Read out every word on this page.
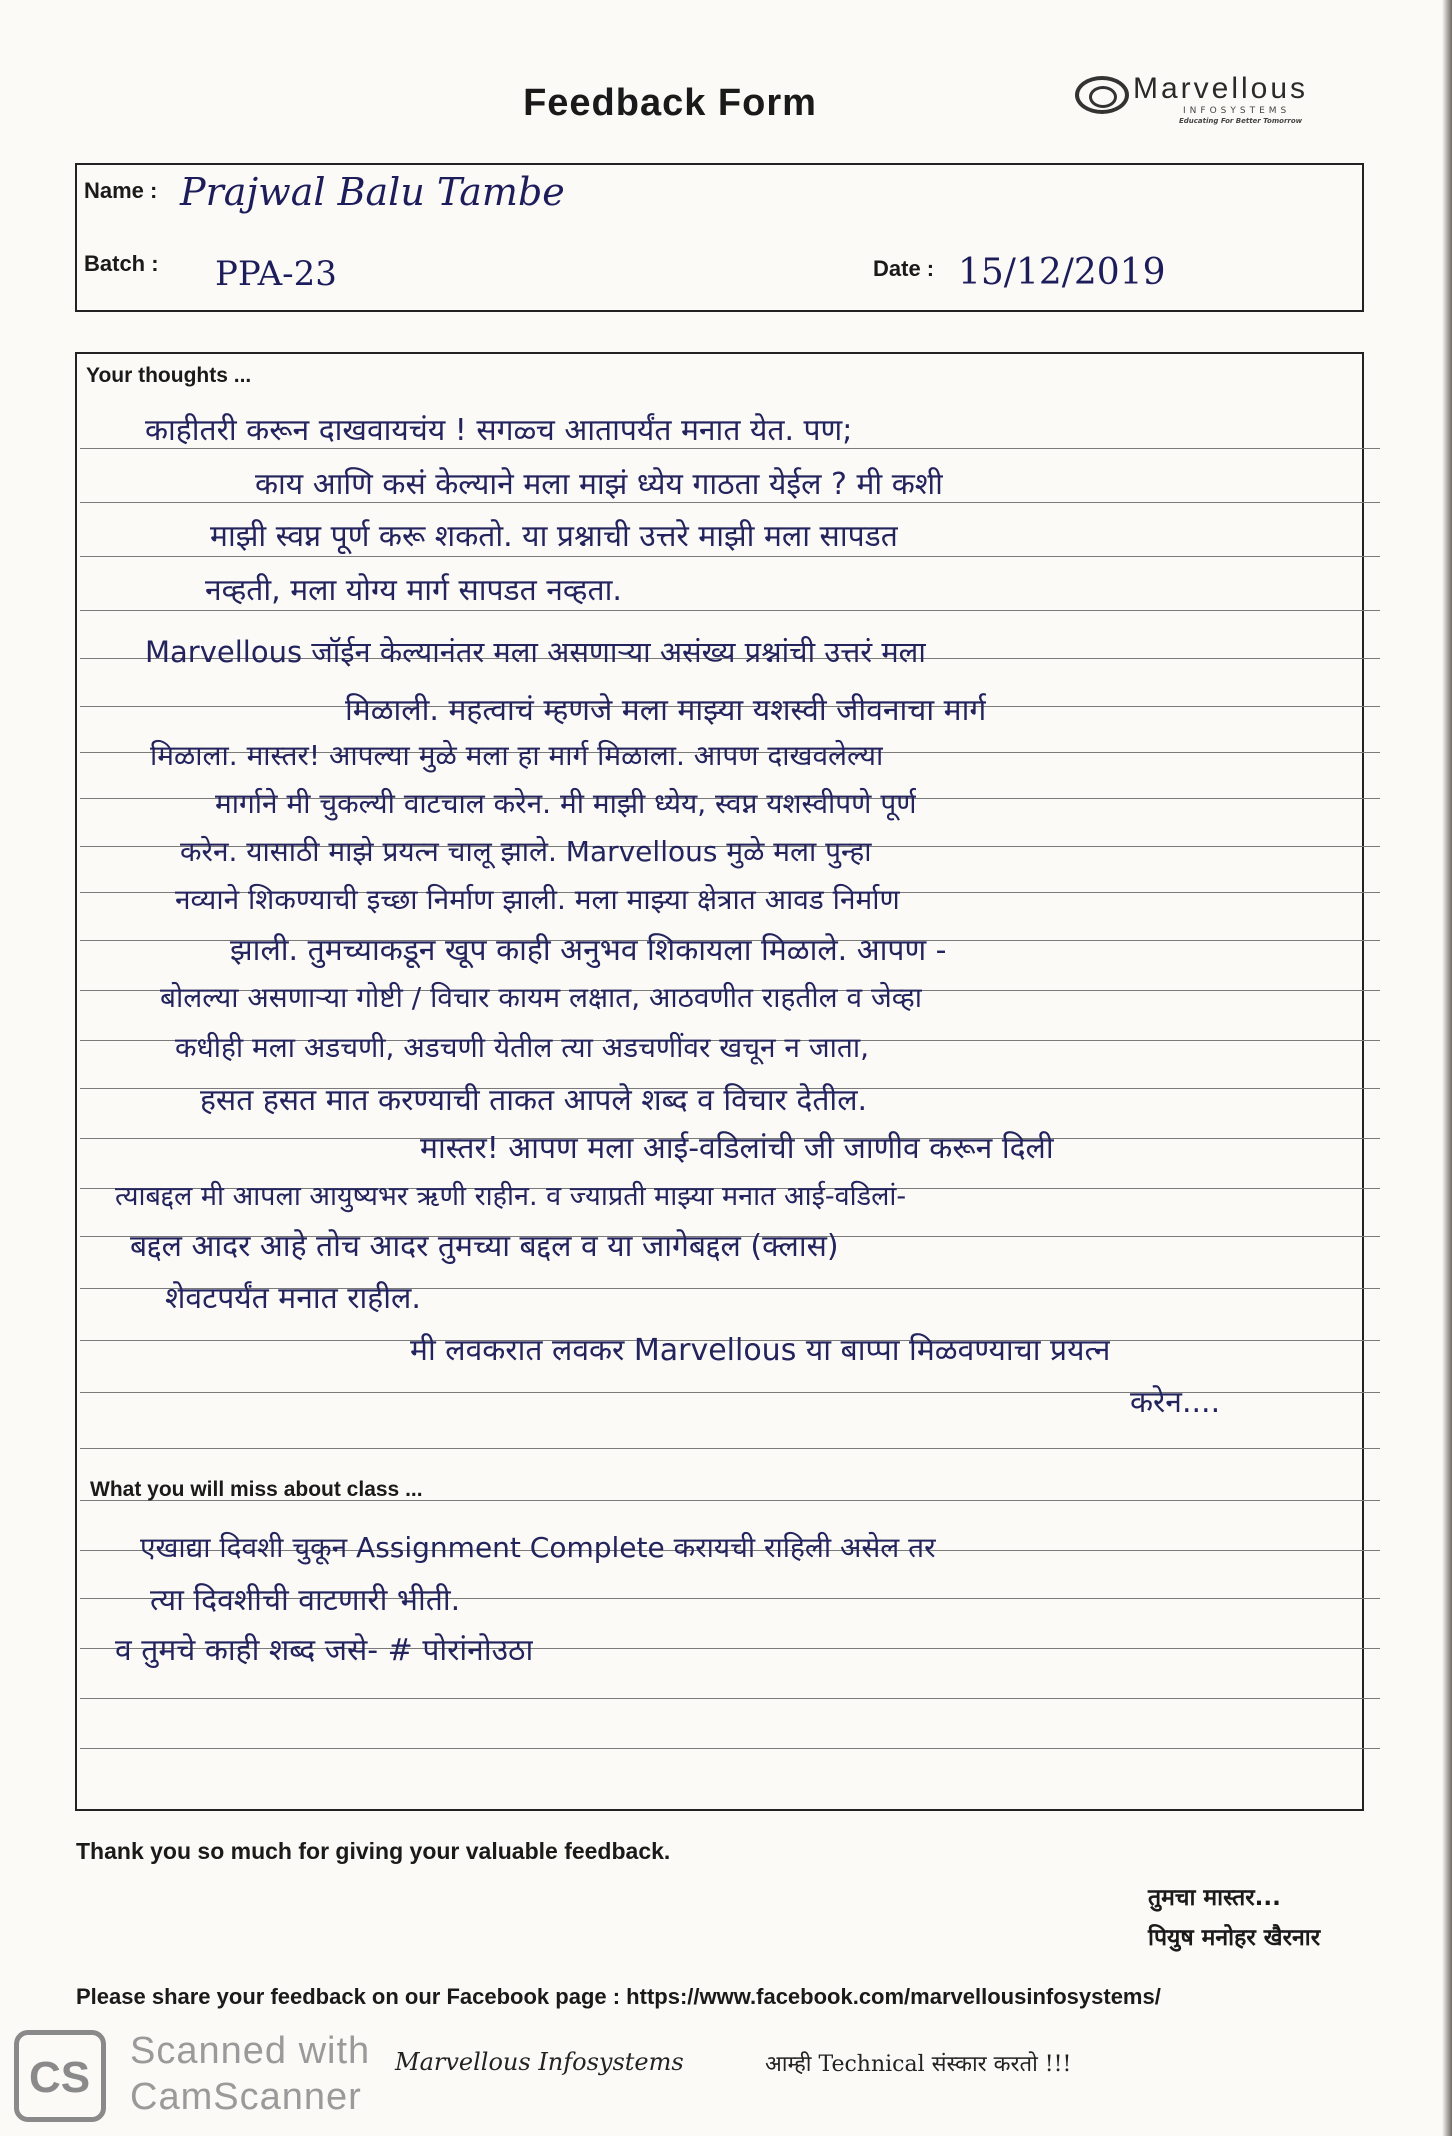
Feedback Form	Marvellous
INFOSYSTEMS
Educating For Better Tomorrow
Name : Prajwal Balu Tambe
Batch : PPA-23	Date : 15/12/2019
Your thoughts ...
काहीतरी करून दाखवायचंय ! सगळ्च आतापर्यंत मनात येत. पण;
काय आणि कसं केल्याने मला माझं ध्येय गाठता येईल ? मी कशी
माझी स्वप्न पूर्ण करू शकतो. या प्रश्नाची उत्तरे माझी मला सापडत
नव्हती, मला योग्य मार्ग सापडत नव्हता.
Marvellous जॉईन केल्यानंतर मला असणाऱ्या असंख्य प्रश्नांची उत्तरं मला
मिळाली. महत्वाचं म्हणजे मला माझ्या यशस्वी जीवनाचा मार्ग
मिळाला. मास्तर! आपल्या मुळे मला हा मार्ग मिळाला. आपण दाखवलेल्या
मार्गाने मी चुकल्यी वाटचाल करेन. मी माझी ध्येय, स्वप्न यशस्वीपणे पूर्ण
करेन. यासाठी माझे प्रयत्न चालू झाले. Marvellous मुळे मला पुन्हा
नव्याने शिकण्याची इच्छा निर्माण झाली. मला माझ्या क्षेत्रात आवड निर्माण
झाली. तुमच्याकडून खूप काही अनुभव शिकायला मिळाले. आपण -
बोलल्या असणाऱ्या गोष्टी / विचार कायम लक्षात, आठवणीत राहतील व जेव्हा
कधीही मला अडचणी, अडचणी येतील त्या अडचणींवर खचून न जाता,
हसत हसत मात करण्याची ताकत आपले शब्द व विचार देतील.
मास्तर! आपण मला आई-वडिलांची जी जाणीव करून दिली
त्याबद्दल मी आपला आयुष्यभर ऋणी राहीन. व ज्याप्रती माझ्या मनात आई-वडिलां-
बद्दल आदर आहे तोच आदर तुमच्या बद्दल व या जागेबद्दल (क्लास)
शेवटपर्यंत मनात राहील.
मी लवकरात लवकर Marvellous या बाप्पा मिळवण्याचा प्रयत्न
करेन....
What you will miss about class ...
एखाद्या दिवशी चुकून Assignment Complete करायची राहिली असेल तर
त्या दिवशीची वाटणारी भीती.
व तुमचे काही शब्द जसे- # पोरांनोउठा
Thank you so much for giving your valuable feedback.
तुमचा मास्तर...
पियुष मनोहर खैरनार
Please share your feedback on our Facebook page : https://www.facebook.com/marvellousinfosystems/
CS
Scanned with
CamScanner
Marvellous Infosystems	आम्ही Technical संस्कार करतो !!!
